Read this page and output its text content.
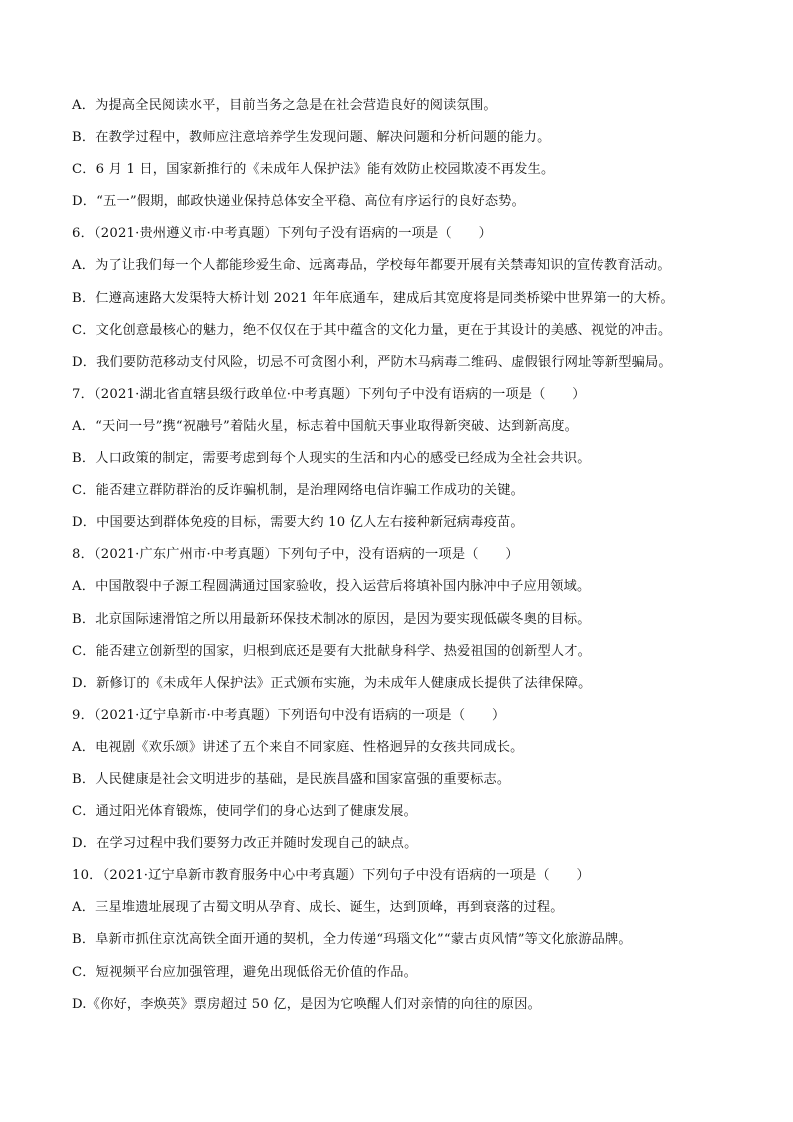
A．为提高全民阅读水平，目前当务之急是在社会营造良好的阅读氛围。
B．在教学过程中，教师应注意培养学生发现问题、解决问题和分析问题的能力。
C．6 月 1 日，国家新推行的《未成年人保护法》能有效防止校园欺凌不再发生。
D．“五一”假期，邮政快递业保持总体安全平稳、高位有序运行的良好态势。
6．（2021·贵州遵义市·中考真题）下列句子没有语病的一项是（　　）
A．为了让我们每一个人都能珍爱生命、远离毒品，学校每年都要开展有关禁毒知识的宣传教育活动。
B．仁遵高速路大发渠特大桥计划 2021 年年底通车，建成后其宽度将是同类桥梁中世界第一的大桥。
C．文化创意最核心的魅力，绝不仅仅在于其中蕴含的文化力量，更在于其设计的美感、视觉的冲击。
D．我们要防范移动支付风险，切忌不可贪图小利，严防木马病毒二维码、虚假银行网址等新型骗局。
7．（2021·湖北省直辖县级行政单位·中考真题）下列句子中没有语病的一项是（　　）
A．“天问一号”携“祝融号”着陆火星，标志着中国航天事业取得新突破、达到新高度。
B．人口政策的制定，需要考虑到每个人现实的生活和内心的感受已经成为全社会共识。
C．能否建立群防群治的反诈骗机制，是治理网络电信诈骗工作成功的关键。
D．中国要达到群体免疫的目标，需要大约 10 亿人左右接种新冠病毒疫苗。
8．（2021·广东广州市·中考真题）下列句子中，没有语病的一项是（　　）
A．中国散裂中子源工程圆满通过国家验收，投入运营后将填补国内脉冲中子应用领域。
B．北京国际速滑馆之所以用最新环保技术制冰的原因，是因为要实现低碳冬奥的目标。
C．能否建立创新型的国家，归根到底还是要有大批献身科学、热爱祖国的创新型人才。
D．新修订的《未成年人保护法》正式颁布实施，为未成年人健康成长提供了法律保障。
9．（2021·辽宁阜新市·中考真题）下列语句中没有语病的一项是（　　）
A．电视剧《欢乐颂》讲述了五个来自不同家庭、性格迥异的女孩共同成长。
B．人民健康是社会文明进步的基础，是民族昌盛和国家富强的重要标志。
C．通过阳光体育锻炼，使同学们的身心达到了健康发展。
D．在学习过程中我们要努力改正并随时发现自己的缺点。
10．（2021·辽宁阜新市教育服务中心中考真题）下列句子中没有语病的一项是（　　）
A．三星堆遗址展现了古蜀文明从孕育、成长、诞生，达到顶峰，再到衰落的过程。
B．阜新市抓住京沈高铁全面开通的契机，全力传递“玛瑙文化”“蒙古贞风情”等文化旅游品牌。
C．短视频平台应加强管理，避免出现低俗无价值的作品。
D.《你好，李焕英》票房超过 50 亿，是因为它唤醒人们对亲情的向往的原因。
